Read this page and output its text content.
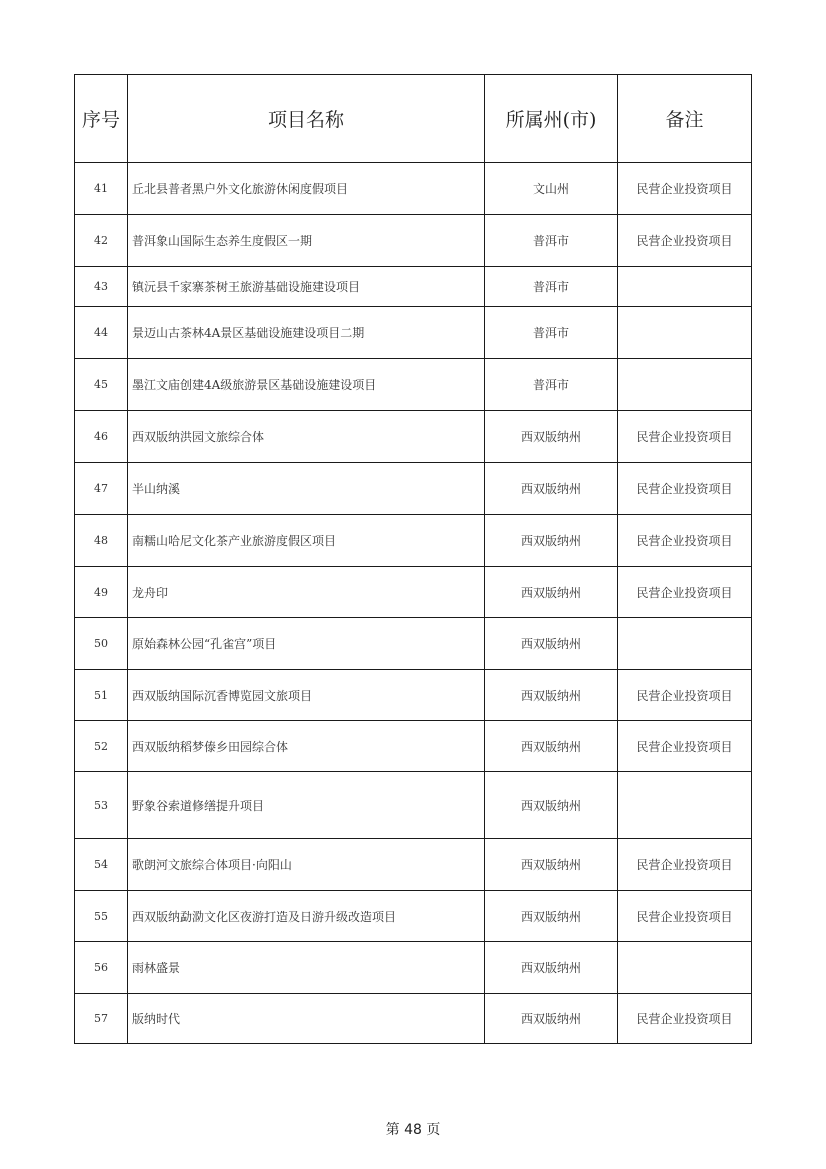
序号	项目名称	所属州(市)	备注
41	丘北县普者黑户外文化旅游休闲度假项目	文山州	民营企业投资项目
42	普洱象山国际生态养生度假区一期	普洱市	民营企业投资项目
43	镇沅县千家寨茶树王旅游基础设施建设项目	普洱市	
44	景迈山古茶林4A景区基础设施建设项目二期	普洱市	
45	墨江文庙创建4A级旅游景区基础设施建设项目	普洱市	
46	西双版纳洪园文旅综合体	西双版纳州	民营企业投资项目
47	半山纳溪	西双版纳州	民营企业投资项目
48	南糯山哈尼文化茶产业旅游度假区项目	西双版纳州	民营企业投资项目
49	龙舟印	西双版纳州	民营企业投资项目
50	原始森林公园“孔雀宫”项目	西双版纳州	
51	西双版纳国际沉香博览园文旅项目	西双版纳州	民营企业投资项目
52	西双版纳稻梦傣乡田园综合体	西双版纳州	民营企业投资项目
53	野象谷索道修缮提升项目	西双版纳州	
54	歌朗河文旅综合体项目·向阳山	西双版纳州	民营企业投资项目
55	西双版纳勐泐文化区夜游打造及日游升级改造项目	西双版纳州	民营企业投资项目
56	雨林盛景	西双版纳州	
57	版纳时代	西双版纳州	民营企业投资项目
第 48 页
